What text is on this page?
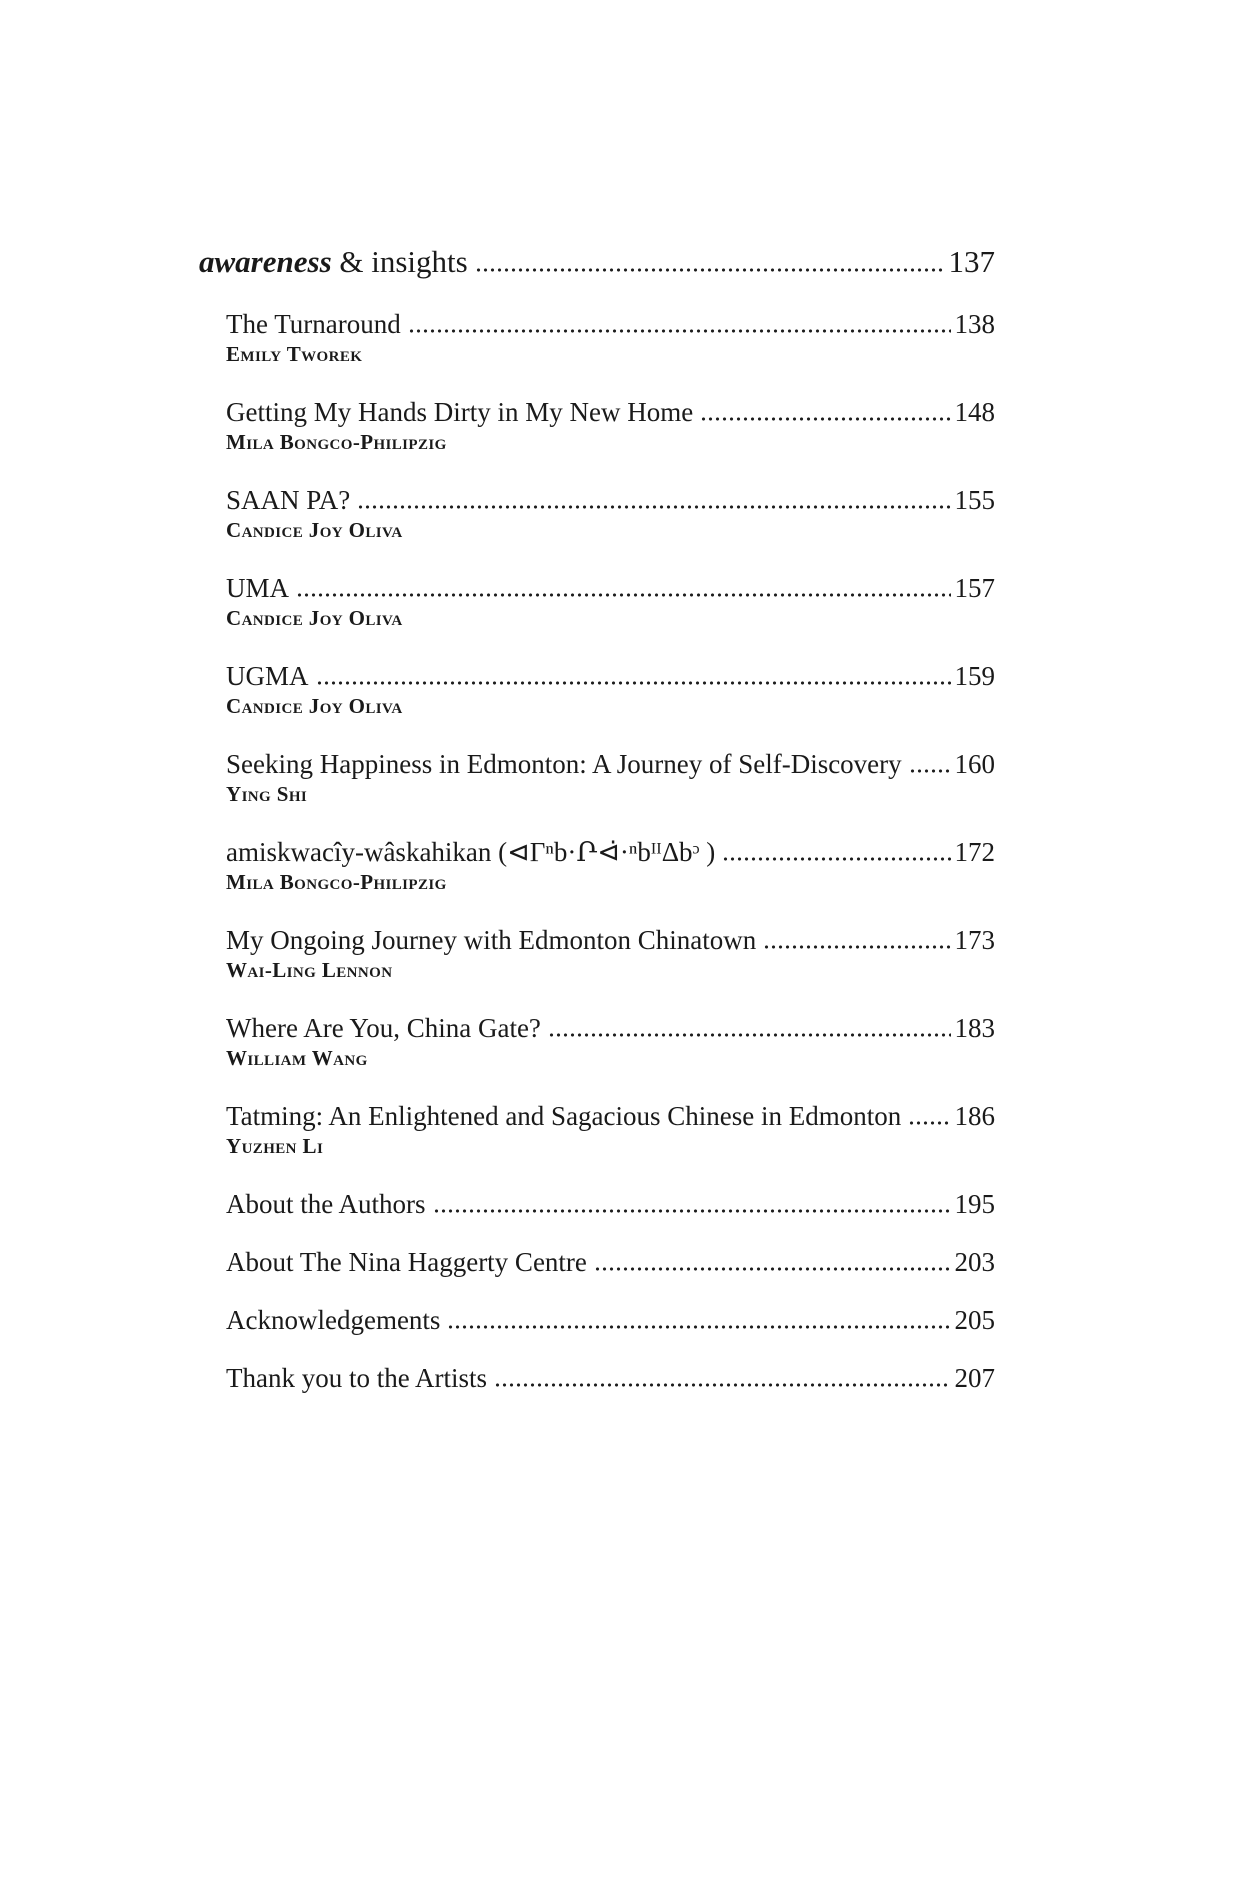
awareness & insights	137
The Turnaround	138
Emily Tworek
Getting My Hands Dirty in My New Home	148
Mila Bongco-Philipzig
SAAN PA?	155
Candice Joy Oliva
UMA	157
Candice Joy Oliva
UGMA	159
Candice Joy Oliva
Seeking Happiness in Edmonton: A Journey of Self-Discovery 160
Ying Shi
amiskwacîy-wâskahikan (⊲Γⁿb·Ր⊲̇·ⁿbᴵᴵΔbᵓ )	172
Mila Bongco-Philipzig
My Ongoing Journey with Edmonton Chinatown	173
Wai-Ling Lennon
Where Are You, China Gate?	183
William Wang
Tatming: An Enlightened and Sagacious Chinese in Edmonton 186
Yuzhen Li
About the Authors	195
About The Nina Haggerty Centre	203
Acknowledgements	205
Thank you to the Artists	207
